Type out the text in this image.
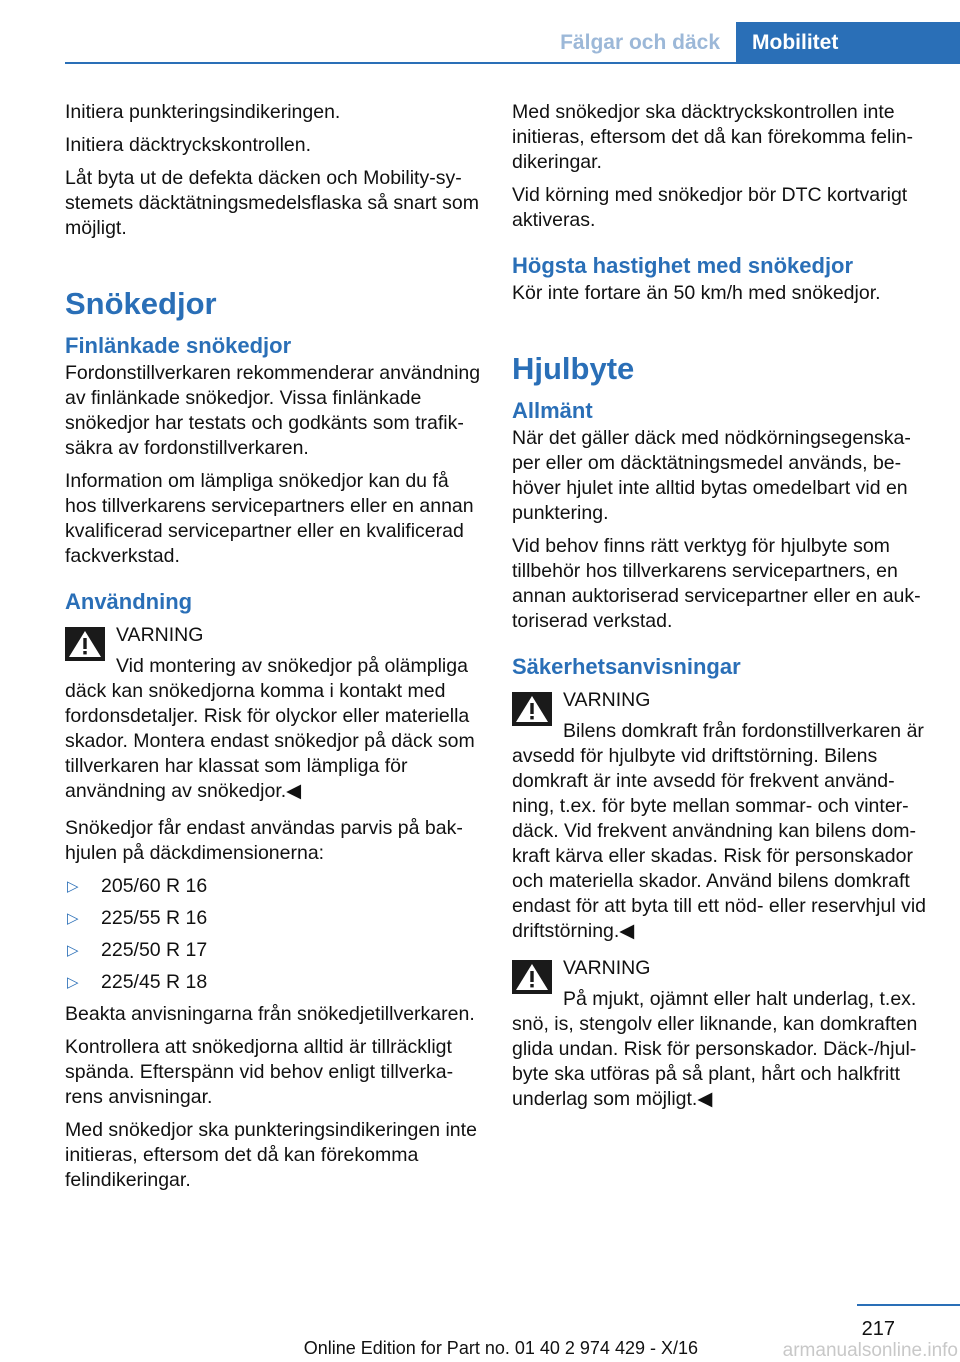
Fälgar och däck	Mobilitet

Initiera punkteringsindikeringen.

Initiera däcktryckskontrollen.

Låt byta ut de defekta däcken och Mobility-systemets däcktätningsmedelsflaska så snart som möjligt.

Snökedjor
Finlänkade snökedjor

Fordonstillverkaren rekommenderar användning av finlänkade snökedjor. Vissa finlänkade snökedjor har testats och godkänts som trafiksäkra av fordonstillverkaren.

Information om lämpliga snökedjor kan du få hos tillverkarens servicepartners eller en annan kvalificerad servicepartner eller en kvalificerad fackverkstad.

Användning
VARNING

Vid montering av snökedjor på olämpliga däck kan snökedjorna komma i kontakt med fordonsdetaljer. Risk för olyckor eller materiella skador. Montera endast snökedjor på däck som tillverkaren har klassat som lämpliga för användning av snökedjor.◀

Snökedjor får endast användas parvis på bakhjulen på däckdimensionerna:

▷	205/60 R 16
▷	225/55 R 16
▷	225/50 R 17
▷	225/45 R 18

Beakta anvisningarna från snökedjetillverkaren.

Kontrollera att snökedjorna alltid är tillräckligt spända. Efterspänn vid behov enligt tillverkarens anvisningar.

Med snökedjor ska punkteringsindikeringen inte initieras, eftersom det då kan förekomma felindikeringar.

Med snökedjor ska däcktryckskontrollen inte initieras, eftersom det då kan förekomma felindikeringar.

Vid körning med snökedjor bör DTC kortvarigt aktiveras.

Högsta hastighet med snökedjor

Kör inte fortare än 50 km/h med snökedjor.

Hjulbyte
Allmänt

När det gäller däck med nödkörningsegenskaper eller om däcktätningsmedel används, behöver hjulet inte alltid bytas omedelbart vid en punktering.

Vid behov finns rätt verktyg för hjulbyte som tillbehör hos tillverkarens servicepartners, en annan auktoriserad servicepartner eller en auktoriserad verkstad.

Säkerhetsanvisningar
VARNING

Bilens domkraft från fordonstillverkaren är avsedd för hjulbyte vid driftstörning. Bilens domkraft är inte avsedd för frekvent användning, t.ex. för byte mellan sommar- och vinterdäck. Vid frekvent användning kan bilens domkraft kärva eller skadas. Risk för personskador och materiella skador. Använd bilens domkraft endast för att byta till ett nöd- eller reservhjul vid driftstörning.◀

VARNING

På mjukt, ojämnt eller halt underlag, t.ex. snö, is, stengolv eller liknande, kan domkraften glida undan. Risk för personskador. Däck-/hjulbyte ska utföras på så plant, hårt och halkfritt underlag som möjligt.◀

217
Online Edition for Part no. 01 40 2 974 429 - X/16	armanualsonline.info
